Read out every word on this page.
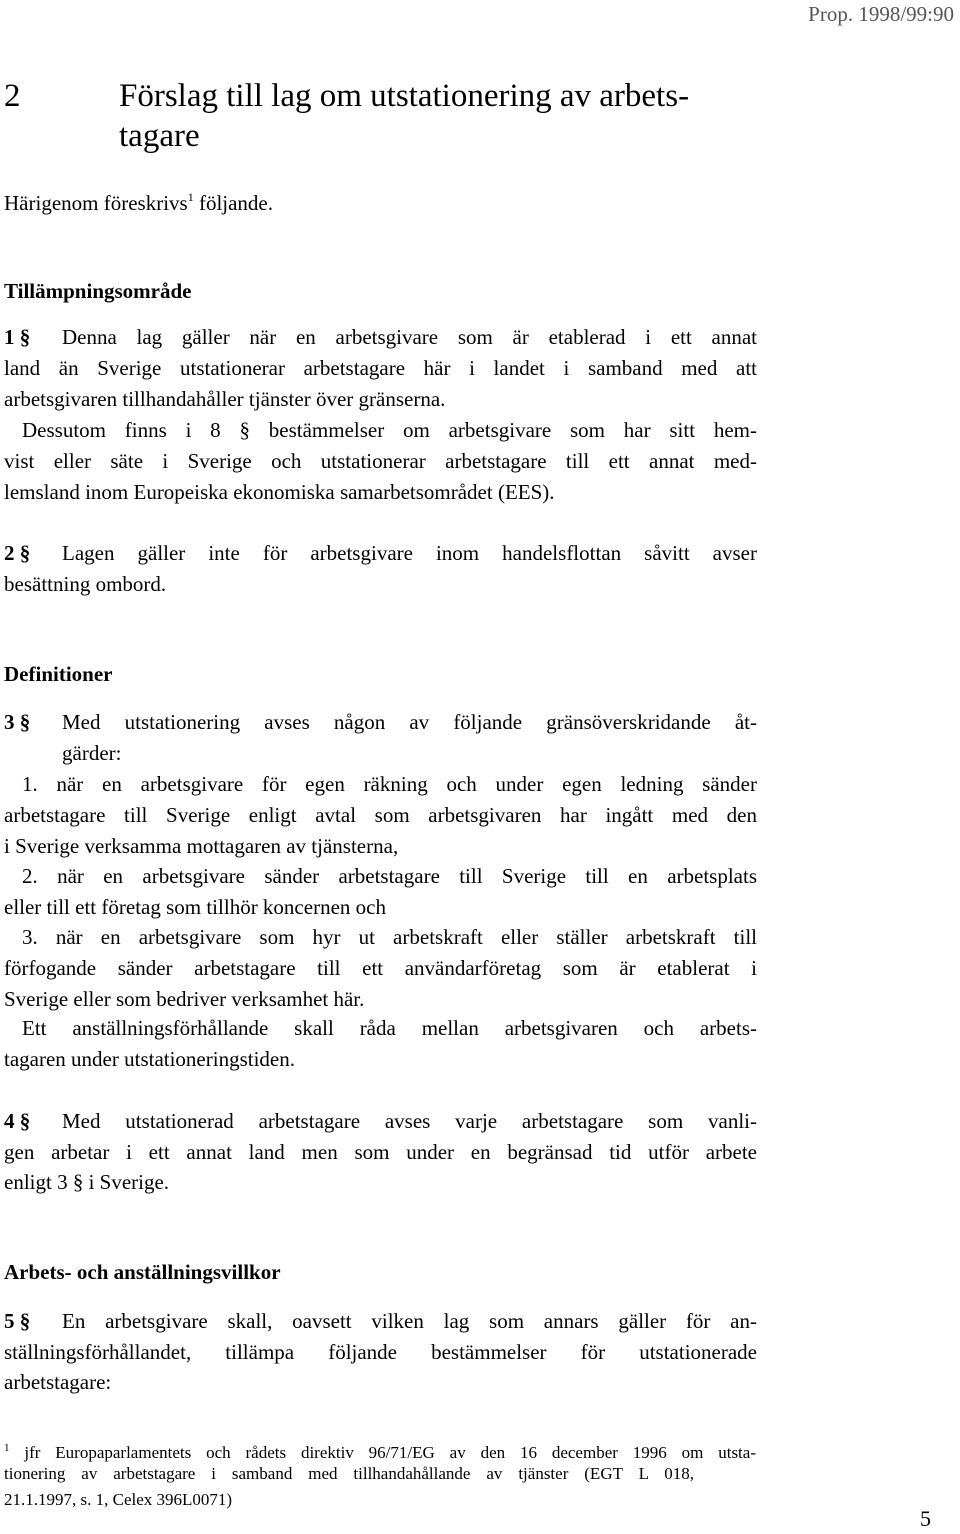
Prop. 1998/99:90
2	Förslag till lag om utstationering av arbets-
tagare
Härigenom föreskrivs$^1$ följande.
Tillämpningsområde
1 § Denna lag gäller när en arbetsgivare som är etablerad i ett annat
land än Sverige utstationerar arbetstagare här i landet i samband med att
arbetsgivaren tillhandahåller tjänster över gränserna.
Dessutom finns i 8 § bestämmelser om arbetsgivare som har sitt hem-
vist eller säte i Sverige och utstationerar arbetstagare till ett annat med-
lemsland inom Europeiska ekonomiska samarbetsområdet (EES).
2 § Lagen gäller inte för arbetsgivare inom handelsflottan såvitt avser
besättning ombord.
Definitioner
3 § Med utstationering avses någon av följande gränsöverskridande åt-
gärder:
1. när en arbetsgivare för egen räkning och under egen ledning sänder
arbetstagare till Sverige enligt avtal som arbetsgivaren har ingått med den
i Sverige verksamma mottagaren av tjänsterna,
2. när en arbetsgivare sänder arbetstagare till Sverige till en arbetsplats
eller till ett företag som tillhör koncernen och
3. när en arbetsgivare som hyr ut arbetskraft eller ställer arbetskraft till
förfogande sänder arbetstagare till ett användarföretag som är etablerat i
Sverige eller som bedriver verksamhet här.
Ett anställningsförhållande skall råda mellan arbetsgivaren och arbets-
tagaren under utstationeringstiden.
4 § Med utstationerad arbetstagare avses varje arbetstagare som vanli-
gen arbetar i ett annat land men som under en begränsad tid utför arbete
enligt 3 § i Sverige.
Arbets- och anställningsvillkor
5 § En arbetsgivare skall, oavsett vilken lag som annars gäller för an-
ställningsförhållandet, tillämpa följande bestämmelser för utstationerade
arbetstagare:
$^1$ jfr Europaparlamentets och rådets direktiv 96/71/EG av den 16 december 1996 om utsta-
tionering av arbetstagare i samband med tillhandahållande av tjänster (EGT L 018,
21.1.1997, s. 1, Celex 396L0071)
5
